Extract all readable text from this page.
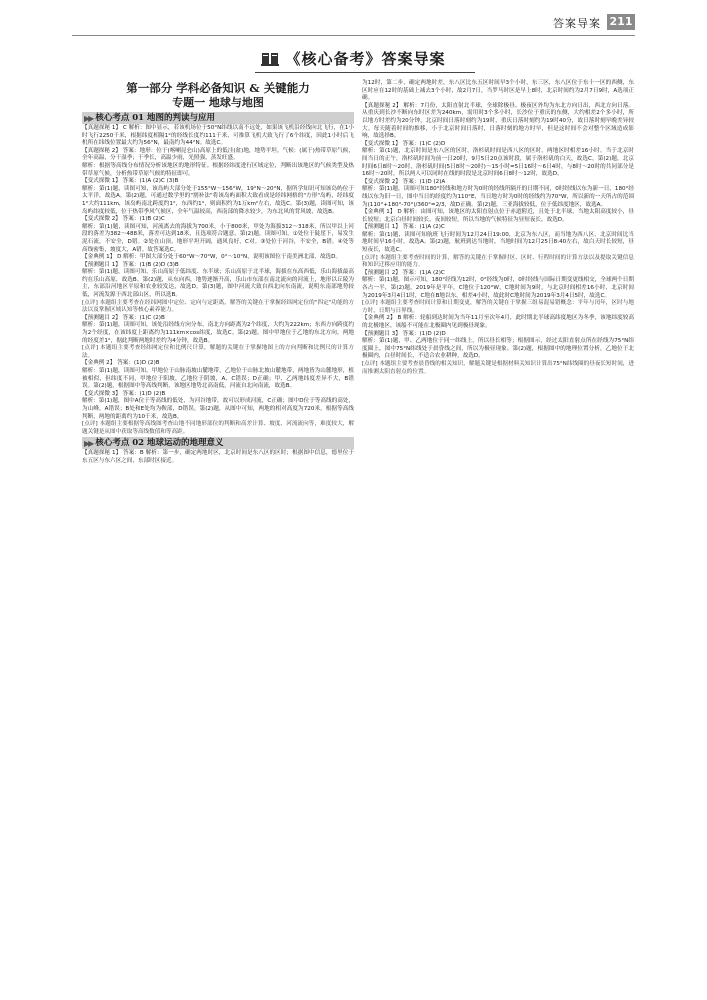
答案导案 211
《核心备考》答案导案
第一部分 学科必备知识 & 关键能力
专题一 地球与地图
▶▶ 核心考点 01 地图的判读与应用

【真题探秘 1】 C 解析：图中显示，若该机场位于50°N纬线以南不远处，如果该飞机沿经线向北飞行，在1小时飞行2250千米，根据纬度相隔1°的经线长度约111千米，可推算飞机大致飞行了6个纬度，因此1小时后飞机所在纬线位置最大约为56°N，最南约为44°N。故选C。

【真题探秘 2】 答案：地形：位于(喀喇昆仑山)高原上的低洼(盆)地，地势平坦。气候：(属于)热带草原气候，全年高温，分干湿季；干季长，高温少雨，光照强，蒸发旺盛。

解析：根据等高线分布情况分析该地区的地形特征。根据经纬度进行区域定位，判断出该地区的气候类型及热带草原气候，分析热带草原气候的特征即可。

【变式探微 1】 答案：(1)A (2)C (3)B

解析：第(1)题，读图可知，该岛屿大部分处于155°W～156°W，19°N～20°N，据所学知识可知该岛屿位于太平洋，故选A。第(2)题，可通过数学里的"割补法"将该岛屿面积大致看成是经纬网格的"方形"岛屿，经纬度1°大约111km，该岛屿南北跨度约1°，东西约1°，则面积约为1万km²左右，故选C。第(3)题，读图可知，该岛屿纬度较低，位于热带季风气候区，全年气温较高，西南部的降水较少，为东北风的背风坡，故选B。

【变式探微 2】 答案：(1)B (2)C

解析：第(1)题，读图可知，河流离去的海拔为700米，小于800米，甲处为海拔312～318米，所以甲以上河段的落差为382～488米，落差可达到18米，且选项符合题意。第(2)题，读图可知，①处位于陡崖下，易发生泥石流，不安全，D错。②处在山顶，地形平坦开阔，通风良好，C对。③处位于河谷，不安全，B错。④处等高线密集，坡度大，A错。故答案选C。

【金典例 1】 D 解析：甲图大部分处于60°W～70°W，0°～10°N，说明该图位于南美洲北部，故选D。

【预测题目 1】 答案：(1)B (2)D (3)B

解析：第(1)题，读图可知，乐山高原于低纬度、东半球；乐山高原于北半球，海拔在东高西低，乐山海拔最高约在乐山高原，故选B。第(2)题，从东向西，地势逐渐升高，乐山市东部在南北流向的河流上，地形以丘陵为主，东部沿河地区平原和农业较发达，故选D。第(3)题，图中河流大致自西北向东南流，说明东南部地势较低，河流发源于西北部山区，所以选B。

[点评] 本题组主要考查在经纬网图中定位、定向与定距离，解答的关键在于掌握经纬网定位的"四定"功能的方法以及掌握区域认知等核心素养能力。

【预测题目 2】 答案：(1)C (2)B

解析：第(1)题，读图可知，该处沿经线方向分布，南北方向距离为2个纬度，大约为222km；东西方向跨度约为2个经度，在该纬度上距离约为111km×cos纬度，故选C。第(2)题，图中甲地位于乙地的东北方向，两地的经度差1°，据此判断两地时差约为4分钟，故选B。

[点评] 本题组主要考查经纬网定位和比例尺计算，解题的关键在于掌握地图上的方向判断和比例尺的计算方法。

【金典例 2】 答案：(1)D (2)B

解析：第(1)题，读图可知，甲地位于山脉南坡山麓地带，乙地位于山脉北坡山麓地带，两地皆为山麓地形，植被相似，但纬度不同，甲地位于阳坡，乙地位于阴坡，A、C错误；D正确；甲、乙两地纬度差异不大，B错误。第(2)题，根据图中等高线判断，该地区地势北高南低，河流自北向南流，故选B。

【变式探微 3】 答案：(1)D (2)B

解析：第(1)题，图中A位于等高线的低处，为河谷地带，故可以形成河流，C正确；图中D位于等高线的高处，为山峰，A错误；B处和E处均为鞍部，D错误。第(2)题，从图中可知，两地的相对高度为720米，根据等高线判断，两地的距离约为10千米，故选B。

[点评] 本题组主要根据等高线图考查山地不同地形部位的判断和高差计算、坡度、河流流向等，难度较大，解题关键是从图中获取等高线数值和等高距。

▶▶ 核心考点 02 地球运动的地理意义

【真题探秘 1】 答案：B 解析：第一步，确定两地时区，北京时间是东八区的区时；根据图中信息，德里位于东五区与东六区之间，东部时区接近。

为12时，第二步，确定两地时差，东八区比东五区时间早3个小时，东三区，东八区位于东十一区的西侧，东区时应在12时的基础上减去3个小时，故2月7日，当罗马时区是早上8时，北京时间约为2月7日9时，A选项正确。

【真题探秘 2】 解析：7月份，太阳直射北半球，全球除极昼、极夜区外均为东北方向日出，西北方向日落。从重庆到长沙不断向东时区差为240km，需用时3个多小时，长沙位于重庆的东侧，大约相差2个多小时，所以地方时差约为20分钟，北京时间日落时刻约为19时，重庆日落时刻约为19时40分，故日落时刻早晚差异较大。每天随着时间的推移，小于北京时间日落时，日落时刻的地方时早，但是这时间不会对整个区域造成影响，故选择B。

【变式探微 1】 答案：(1)C (2)D

解析：第(1)题，北京时间是东八区的区时，洛杉矶时间是西八区的区时，两地区时相差16小时。当于北京时间当日的正午，洛杉矶时间为前一日20时，9月5日20点该时段，属于洛杉矶的白天，故选C。第(2)题，北京时间6日8时～20时，洛杉矶时间(5日8时～20时)～15小时=5日16时～6日4时，与8时～20时的共同部分是16时～20时，所以两人可以同时在线的时段是北京时间6日8时～12时，故选D。

【变式探微 2】 答案：(1)D (2)A

解析：第(1)题，读图可知180°经线和地方时为0时的经线所隔开的日期不同，0时经线以东为新一日，180°经线以东为旧一日，图中当日的经度约为110°E，当日地方时为0时的经线约为70°W，所以新的一天所占的范围为(110°+180°-70°)/360°=2/3，故D正确。第(2)题，三亚海拔较低，位于低纬度地区，故选A。

【金典例 1】 D 解析：由图可知，该地区的太阳直射点位于赤道附近，且处于北半球，当地太阳高度较小，昼长较短；北京白昼时间较长，夜间较短，所以当地的气候特征为昼短夜长，故选D。

【预测题目 1】 答案：(1)A (2)C

解析：第(1)题，读图可知航班飞行时间为12月24日19:00，北京为东八区，而当地为西八区，北京时间比当地时间早16小时，故选A。第(2)题，航班到达当地时，当地时间为12月25日8:40左右，故白天时长较短，昼短夜长，故选C。

[点评] 本题组主要考查时间的计算，解答的关键在于掌握时区、区时、行程时间的计算方法以及提取关键信息和知识迁移应用的能力。

【预测题目 2】 答案：(1)A (2)C

解析：第(1)题，图示可知，180°经线为12时，0°经线为0时，0时经线与国际日期变更线相交，全球两个日期各占一半，第(2)题，2019年是平年，C地位于120°W，C地时间为9时，与北京时间相差16小时，北京时间为2019年3月4日1时，C地在B地以东，相差4小时，故此时C地时间为2019年3月4日5时，故选C。

[点评] 本题组主要考查时间计算和日期变更，解答的关键在于掌握三组易混易错概念：平年与闰年，区时与地方时，日期与日界线。

【金典例 2】 B 解析：轮船到达时间为当年11月至次年4月，此时期北半球高纬度地区为冬季，该地纬度较高的北极地区，该船不可能在北极圈内见到极昼现象。

【预测题目 3】 答案：(1)D (2)D

解析：第(1)题，甲、乙两地位于同一纬线上，所以昼长相等；根据图示，经过太阳直射点所在经线为75°N纬度圈上，图中75°N纬线处于晨昏线之间，所以为极昼现象。第(2)题，根据图中的地理位置分析，乙地位于北极圈内，白昼时间长，不适合农业耕种，故选D。

[点评] 本题组主要考查晨昏线的相关知识，解题关键是根据材料关知识计算出75°N纬线圈的昼夜长短时间，进而推测太阳直射点的位置。
